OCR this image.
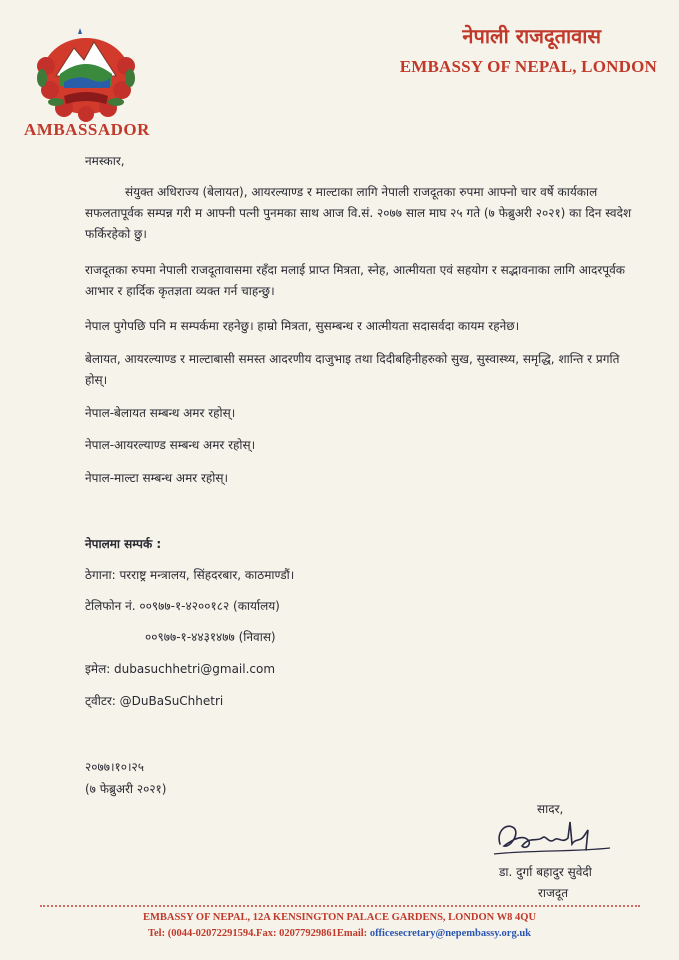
AMBASSADOR
नेपाली राजदूतावास
EMBASSY OF NEPAL, LONDON
नमस्कार,
संयुक्त अधिराज्य (बेलायत), आयरल्याण्ड र माल्टाका लागि नेपाली राजदूतका रुपमा आफ्नो चार वर्षे कार्यकाल सफलतापूर्वक सम्पन्न गरी म आफ्नी पत्नी पुनमका साथ आज वि.सं. २०७७ साल माघ २५ गते (७ फेब्रुअरी २०२१) का दिन स्वदेश फर्किरहेको छु।
राजदूतका रुपमा नेपाली राजदूतावासमा रहँदा मलाई प्राप्त मित्रता, स्नेह, आत्मीयता एवं सहयोग र सद्भावनाका लागि आदरपूर्वक आभार र हार्दिक कृतज्ञता व्यक्त गर्न चाहन्छु।
नेपाल पुगेपछि पनि म सम्पर्कमा रहनेछु। हाम्रो मित्रता, सुसम्बन्ध र आत्मीयता सदासर्वदा कायम रहनेछ।
बेलायत, आयरल्याण्ड र माल्टाबासी समस्त आदरणीय दाजुभाइ तथा दिदीबहिनीहरुको सुख, सुस्वास्थ्य, समृद्धि, शान्ति र प्रगति होस्।
नेपाल-बेलायत सम्बन्ध अमर रहोस्।
नेपाल-आयरल्याण्ड सम्बन्ध अमर रहोस्।
नेपाल-माल्टा सम्बन्ध अमर रहोस्।
नेपालमा सम्पर्क :
ठेगाना: परराष्ट्र मन्त्रालय, सिंहदरबार, काठमाण्डौं।
टेलिफोन नं. ००९७७-१-४२००१८२ (कार्यालय)
००९७७-१-४४३१४७७ (निवास)
इमेल: dubasuchhetri@gmail.com
ट्वीटर: @DuBaSuChhetri
२०७७।१०।२५
(७ फेब्रुअरी २०२१)
सादर,
डा. दुर्गा बहादुर सुवेदी
राजदूत
EMBASSY OF NEPAL, 12A KENSINGTON PALACE GARDENS, LONDON W8 4QU
Tel: (0044-02072291594.Fax: 02077929861Email: officesecretary@nepembassy.org.uk
